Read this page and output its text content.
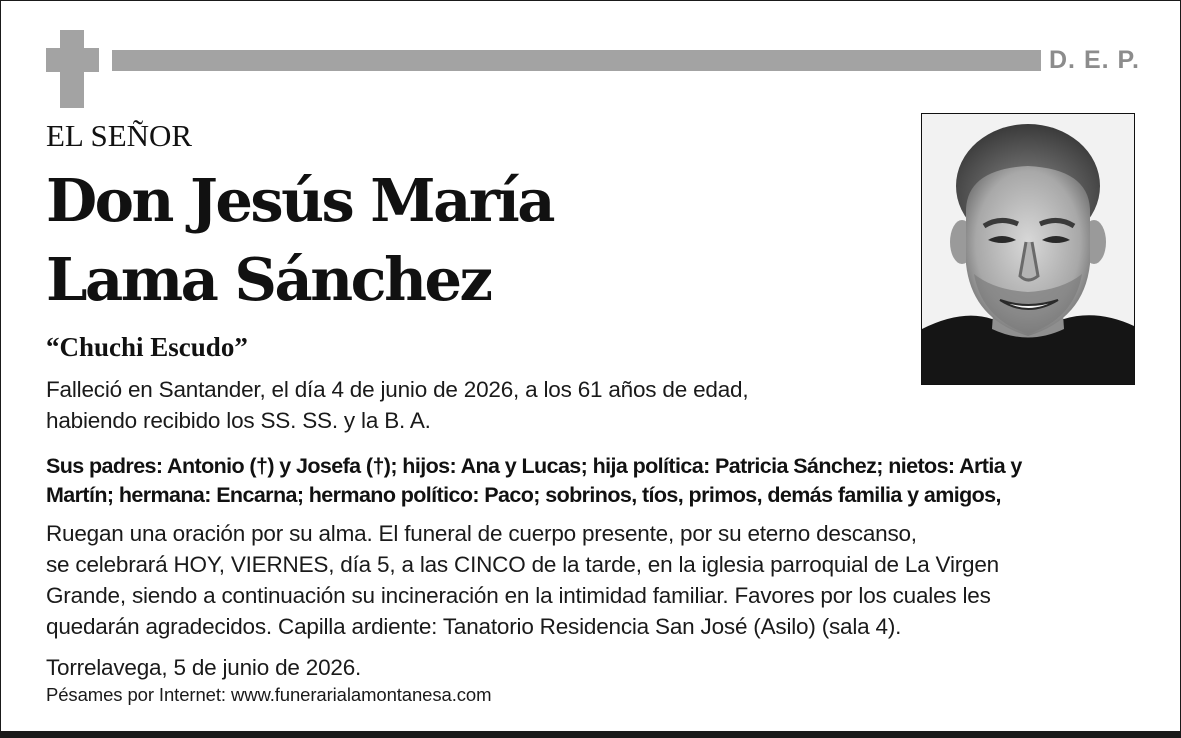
D. E. P.
EL SEÑOR
Don Jesús María
Lama Sánchez
“Chuchi Escudo”
Falleció en Santander, el día 4 de junio de 2026, a los 61 años de edad,
habiendo recibido los SS. SS. y la B. A.
Sus padres: Antonio (†) y Josefa (†); hijos: Ana y Lucas; hija política: Patricia Sánchez; nietos: Artia y
Martín; hermana: Encarna; hermano político: Paco; sobrinos, tíos, primos, demás familia y amigos,
Ruegan una oración por su alma. El funeral de cuerpo presente, por su eterno descanso,
se celebrará HOY, VIERNES, día 5, a las CINCO de la tarde, en la iglesia parroquial de La Virgen
Grande, siendo a continuación su incineración en la intimidad familiar. Favores por los cuales les
quedarán agradecidos. Capilla ardiente: Tanatorio Residencia San José (Asilo) (sala 4).
Torrelavega, 5 de junio de 2026.
Pésames por Internet: www.funerarialamontanesa.com
